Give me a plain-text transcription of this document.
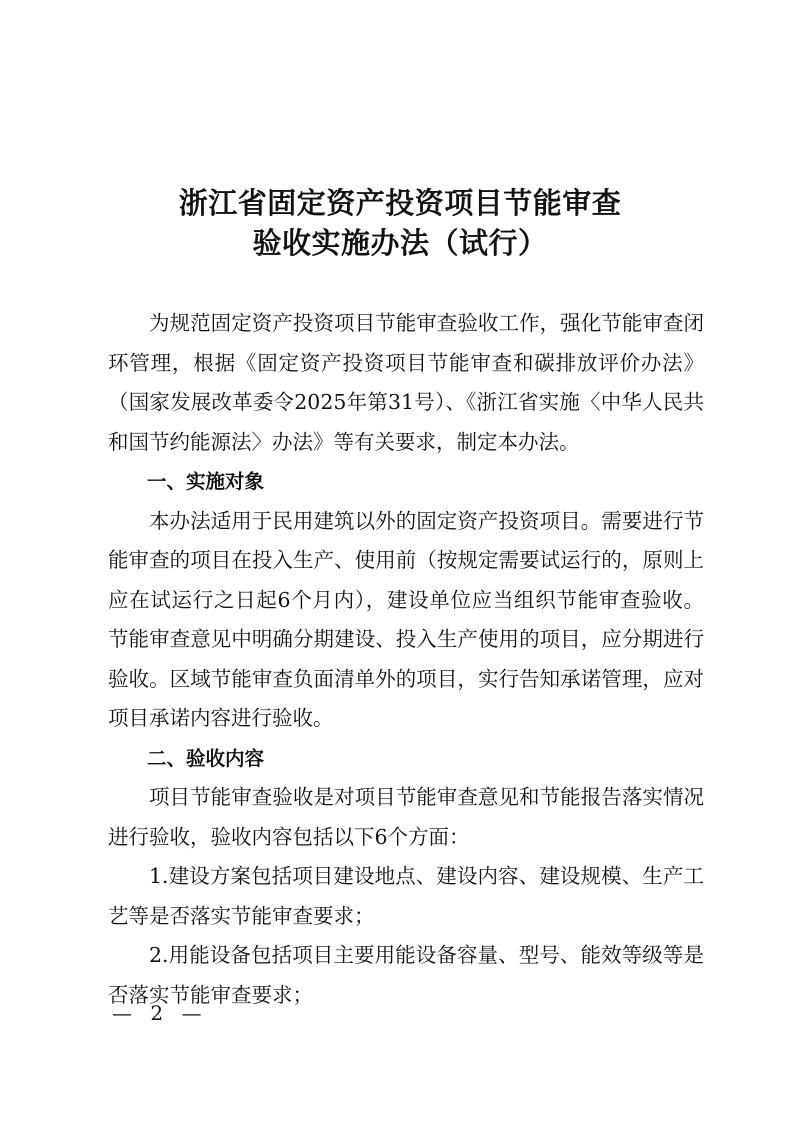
浙江省固定资产投资项目节能审查
验收实施办法（试行）

为规范固定资产投资项目节能审查验收工作，强化节能审查闭环管理，根据《固定资产投资项目节能审查和碳排放评价办法》（国家发展改革委令2025年第31号）、《浙江省实施〈中华人民共和国节约能源法〉办法》等有关要求，制定本办法。

一、实施对象

本办法适用于民用建筑以外的固定资产投资项目。需要进行节能审查的项目在投入生产、使用前（按规定需要试运行的，原则上应在试运行之日起6个月内），建设单位应当组织节能审查验收。节能审查意见中明确分期建设、投入生产使用的项目，应分期进行验收。区域节能审查负面清单外的项目，实行告知承诺管理，应对项目承诺内容进行验收。

二、验收内容

项目节能审查验收是对项目节能审查意见和节能报告落实情况进行验收，验收内容包括以下6个方面：

1.建设方案包括项目建设地点、建设内容、建设规模、生产工艺等是否落实节能审查要求；

2.用能设备包括项目主要用能设备容量、型号、能效等级等是否落实节能审查要求；

— 2 —
